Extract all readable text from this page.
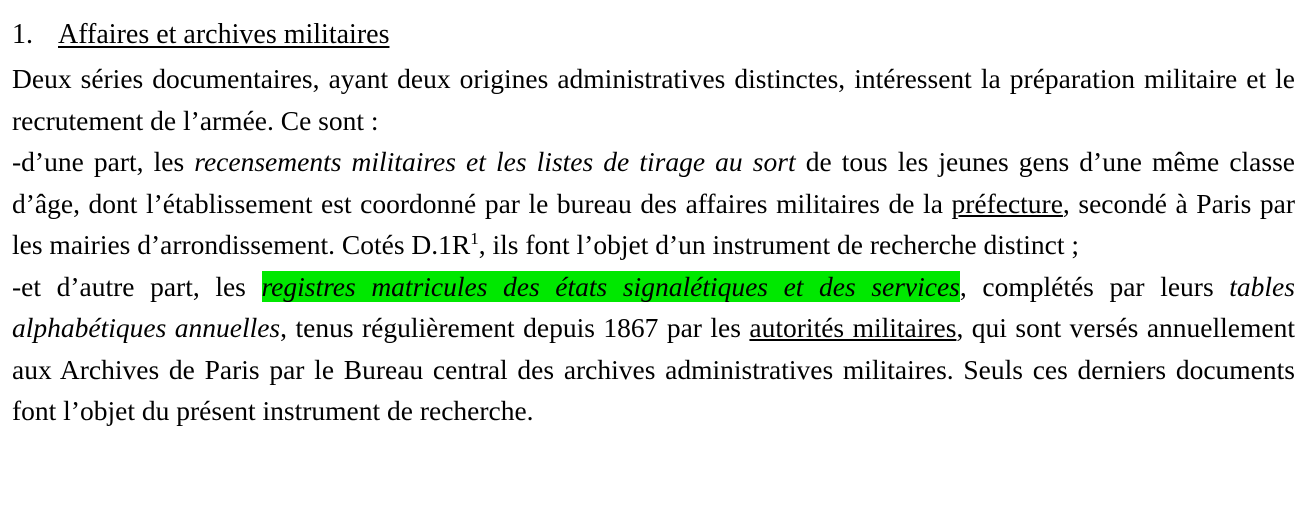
1. Affaires et archives militaires

Deux séries documentaires, ayant deux origines administratives distinctes, intéressent la préparation militaire et le recrutement de l’armée. Ce sont :

-d’une part, les recensements militaires et les listes de tirage au sort de tous les jeunes gens d’une même classe d’âge, dont l’établissement est coordonné par le bureau des affaires militaires de la préfecture, secondé à Paris par les mairies d’arrondissement. Cotés $D.1R^1$, ils font l’objet d’un instrument de recherche distinct ;

-et d’autre part, les registres matricules des états signalétiques et des services, complétés par leurs tables alphabétiques annuelles, tenus régulièrement depuis 1867 par les autorités militaires, qui sont versés annuellement aux Archives de Paris par le Bureau central des archives administratives militaires. Seuls ces derniers documents font l’objet du présent instrument de recherche.
